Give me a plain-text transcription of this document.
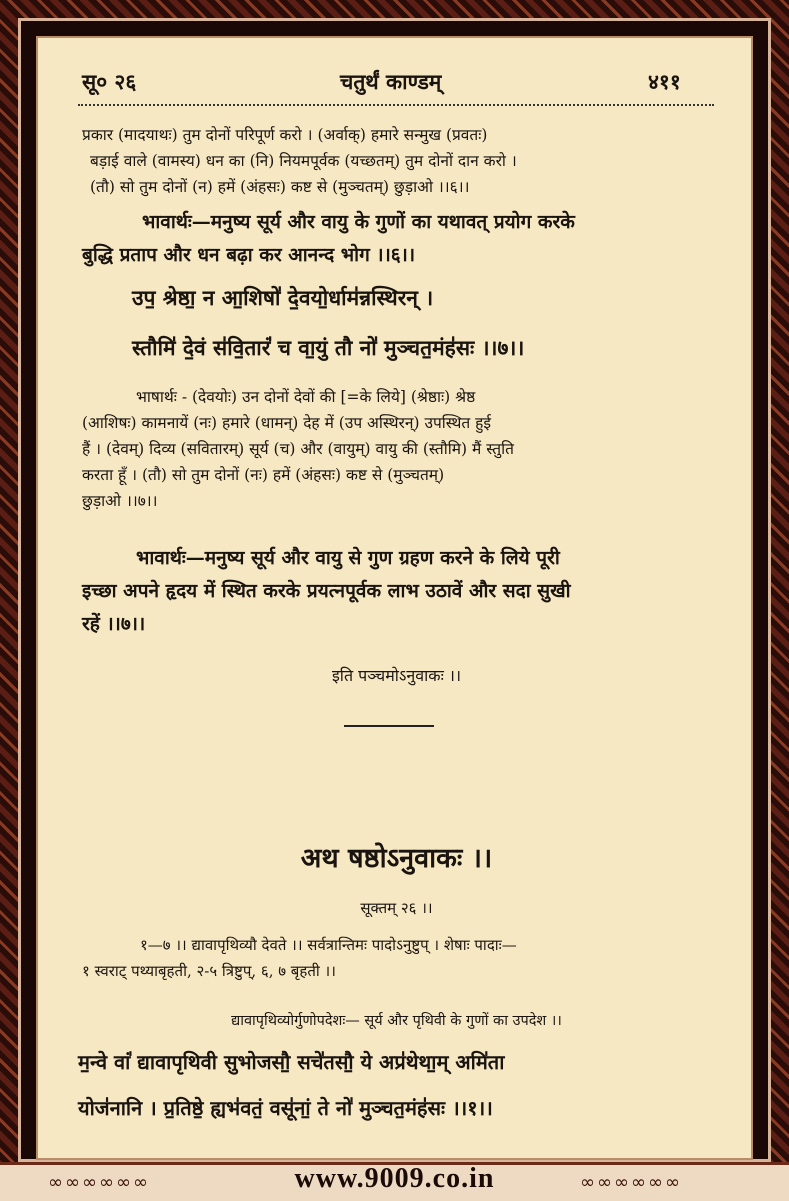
सू० २६	चतुर्थं काण्डम्	४११
प्रकार (मादयाथः) तुम दोनों परिपूर्ण करो । (अर्वाक्) हमारे सन्मुख (प्रवतः)
बड़ाई वाले (वामस्य) धन का (नि) नियमपूर्वक (यच्छतम्) तुम दोनों दान करो ।
(तौ) सो तुम दोनों (न) हमें (अंहसः) कष्ट से (मुञ्चतम्) छुड़ाओ ।।६।।
भावार्थः—मनुष्य सूर्य और वायु के गुणों का यथावत् प्रयोग करके
बुद्धि प्रताप और धन बढ़ा कर आनन्द भोग ।।६।।
उप॒ श्रेष्ठा॒ न आ॒शिषो॑ दे॒वयो॒र्धाम॑न्नस्थिरन् ।
स्तौमि॑ दे॒वं स॑वि॒तारं॑ च वा॒युं तौ नो॑ मुञ्चत॒मंह॑सः ।।७।।
भाषार्थः - (देवयोः) उन दोनों देवों की [=के लिये] (श्रेष्ठाः) श्रेष्ठ
(आशिषः) कामनायें (नः) हमारे (धामन्) देह में (उप अस्थिरन्) उपस्थित हुई
हैं । (देवम्) दिव्य (सवितारम्) सूर्य (च) और (वायुम्) वायु की (स्तौमि) मैं स्तुति
करता हूँ । (तौ) सो तुम दोनों (नः) हमें (अंहसः) कष्ट से (मुञ्चतम्)
छुड़ाओ ।।७।।
भावार्थः—मनुष्य सूर्य और वायु से गुण ग्रहण करने के लिये पूरी
इच्छा अपने हृदय में स्थित करके प्रयत्नपूर्वक लाभ उठावें और सदा सुखी
रहें ।।७।।
इति पञ्चमोऽनुवाकः ।।
अथ षष्ठोऽनुवाकः ।।
सूक्तम् २६ ।।
१—७ ।। द्यावापृथिव्यौ देवते ।। सर्वत्रान्तिमः पादोऽनुष्टुप् । शेषाः पादाः—
१ स्वराट् पथ्याबृहती, २-५ त्रिष्टुप्, ६, ७ बृहती ।।
द्यावापृथिव्योर्गुणोपदेशः— सूर्य और पृथिवी के गुणों का उपदेश ।।
म॒न्वे वां॑ द्यावापृथिवी सुभोजसौ॒ सचे॑तसौ॒ ये अप्र॑थेथा॒म् अमि॑ता
योज॑नानि । प्र॒तिष्ठे॒ ह्यभ॑वतं॒ वसू॑नां॒ ते नो॑ मुञ्चत॒मंह॑सः ।।१।।
∞∞∞∞∞∞	∞∞∞∞∞∞
www.9009.co.in
